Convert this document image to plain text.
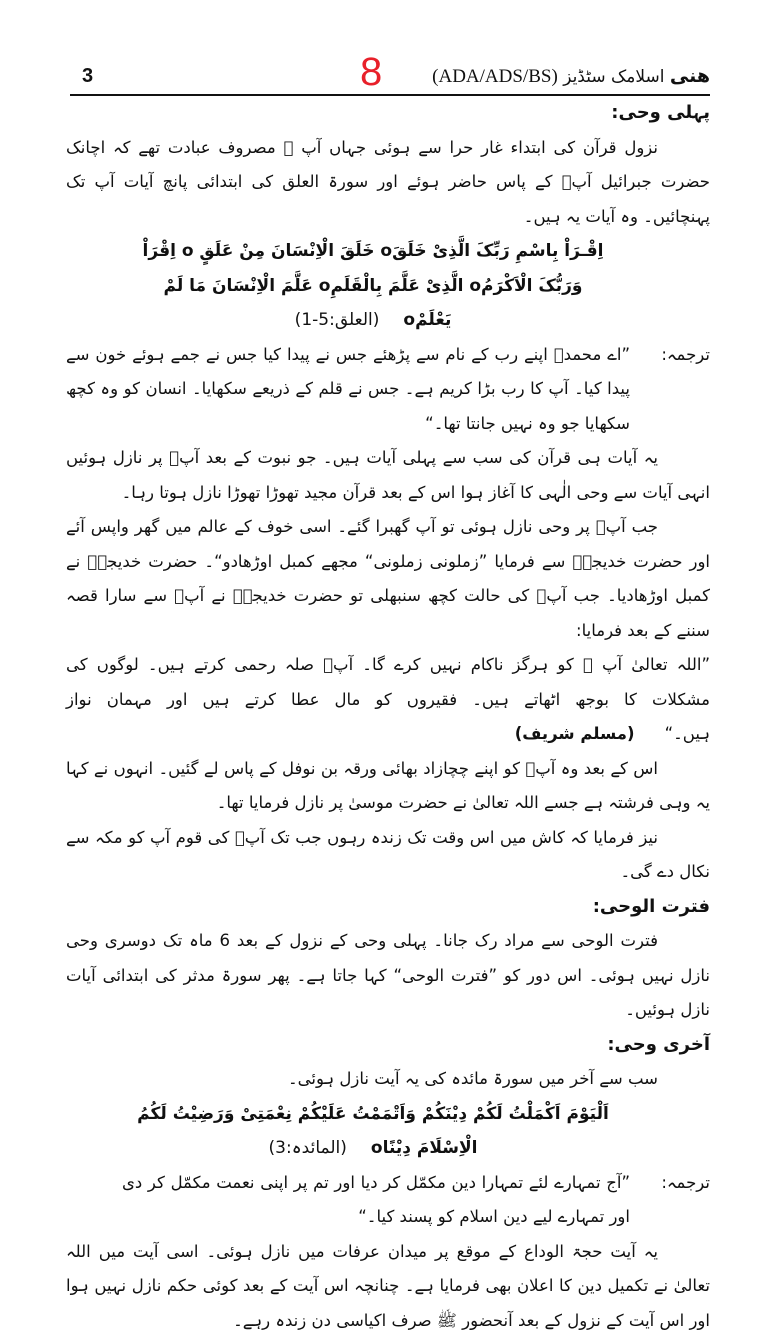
3	8	ھنی اسلامک سٹڈیز (ADA/ADS/BS)

پہلی وحی:

نزول قرآن کی ابتداء غار حرا سے ہوئی جہاں آپ ﷺ مصروف عبادت تھے کہ اچانک حضرت جبرائیل آپؐ کے پاس حاضر ہوئے اور سورۃ العلق کی ابتدائی پانچ آیات آپ تک پہنچائیں۔ وہ آیات یہ ہیں۔

اِقْـرَاْ بِاسْمِ رَبِّکَ الَّذِیْ خَلَقَo خَلَقَ الْاِنْسَانَ مِنْ عَلَقٍ o اِقْرَاْ وَرَبُّکَ الْاَکْرَمُo الَّذِیْ عَلَّمَ بِالْقَلَمِo عَلَّمَ الْاِنْسَانَ مَا لَمْ یَعْلَمْo(العلق:5-1)

ترجمہ:
”اے محمدؐ اپنے رب کے نام سے پڑھئے جس نے پیدا کیا جس نے جمے ہوئے خون سے پیدا کیا۔ آپ کا رب بڑا کریم ہے۔ جس نے قلم کے ذریعے سکھایا۔ انسان کو وہ کچھ سکھایا جو وہ نہیں جانتا تھا۔“

یہ آیات ہی قرآن کی سب سے پہلی آیات ہیں۔ جو نبوت کے بعد آپؐ پر نازل ہوئیں انہی آیات سے وحی الٰہی کا آغاز ہوا اس کے بعد قرآن مجید تھوڑا تھوڑا نازل ہوتا رہا۔

جب آپؐ پر وحی نازل ہوئی تو آپ گھبرا گئے۔ اسی خوف کے عالم میں گھر واپس آئے اور حضرت خدیجہؓ سے فرمایا ”زملونی زملونی“ مجھے کمبل اوڑھادو“۔ حضرت خدیجہؓ نے کمبل اوڑھادیا۔ جب آپؐ کی حالت کچھ سنبھلی تو حضرت خدیجہؓ نے آپؐ سے سارا قصہ سننے کے بعد فرمایا:

”اللہ تعالیٰ آپ ﷺ کو ہرگز ناکام نہیں کرے گا۔ آپؐ صلہ رحمی کرتے ہیں۔ لوگوں کی مشکلات کا بوجھ اٹھاتے ہیں۔ فقیروں کو مال عطا کرتے ہیں اور مہمان نواز ہیں۔“(مسلم شریف)

اس کے بعد وہ آپؐ کو اپنے چچازاد بھائی ورقہ بن نوفل کے پاس لے گئیں۔ انہوں نے کہا یہ وہی فرشتہ ہے جسے اللہ تعالیٰ نے حضرت موسیٰ پر نازل فرمایا تھا۔

نیز فرمایا کہ کاش میں اس وقت تک زندہ رہوں جب تک آپؐ کی قوم آپ کو مکہ سے نکال دے گی۔

فترت الوحی:

فترت الوحی سے مراد رک جانا۔ پہلی وحی کے نزول کے بعد 6 ماہ تک دوسری وحی نازل نہیں ہوئی۔ اس دور کو ”فترت الوحی“ کہا جاتا ہے۔ پھر سورۃ مدثر کی ابتدائی آیات نازل ہوئیں۔

آخری وحی:

سب سے آخر میں سورۃ مائدہ کی یہ آیت نازل ہوئی۔

اَلْیَوْمَ اَکْمَلْتُ لَکُمْ دِیْنَکُمْ وَاَتْمَمْتُ عَلَیْکُمْ نِعْمَتِیْ وَرَضِیْتُ لَکُمُ الْاِسْلَامَ دِیْنًاo(المائدہ:3)

ترجمہ:
”آج تمہارے لئے تمہارا دین مکمّل کر دیا اور تم پر اپنی نعمت مکمّل کر دی اور تمہارے لیے دین اسلام کو پسند کیا۔“

یہ آیت حجۃ الوداع کے موقع پر میدان عرفات میں نازل ہوئی۔ اسی آیت میں اللہ تعالیٰ نے تکمیل دین کا اعلان بھی فرمایا ہے۔ چنانچہ اس آیت کے بعد کوئی حکم نازل نہیں ہوا اور اس آیت کے نزول کے بعد آنحضور ﷺ صرف اکیاسی دن زندہ رہے۔
